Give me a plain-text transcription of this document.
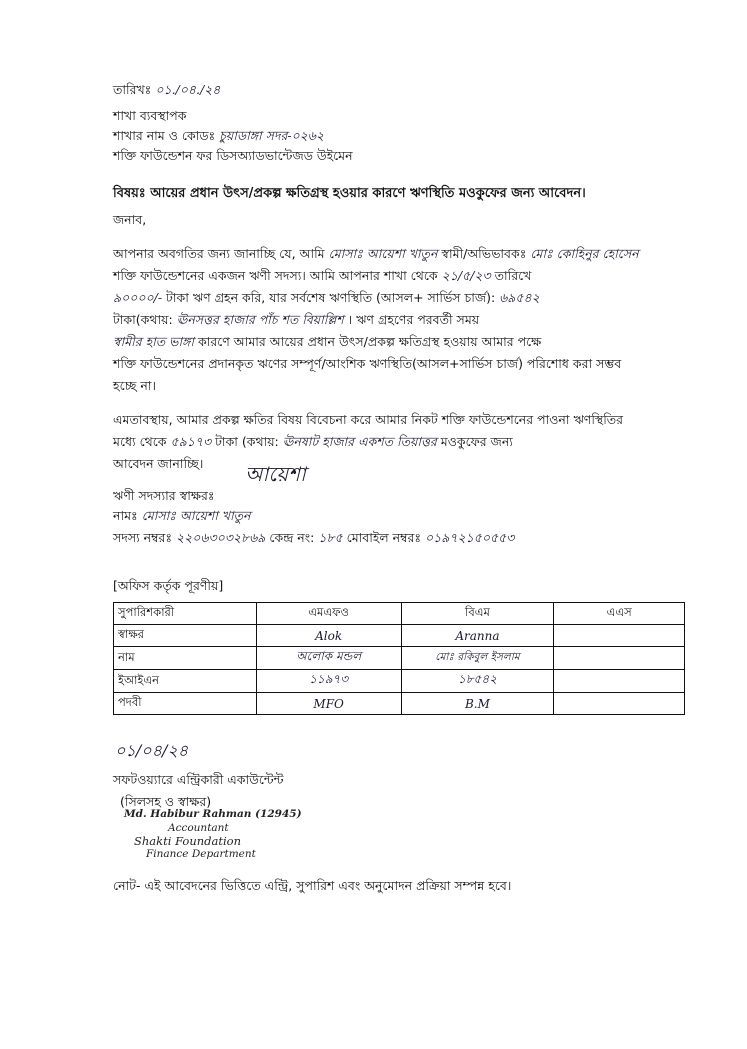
তারিখঃ ০১./০৪./২৪
শাখা ব্যবস্থাপক
শাখার নাম ও কোডঃ চুয়াডাঙ্গা সদর-০২৬২
শক্তি ফাউন্ডেশন ফর ডিসঅ্যাডভান্টেজড উইমেন
বিষয়ঃ আয়ের প্রধান উৎস/প্রকল্প ক্ষতিগ্রস্থ হওয়ার কারণে ঋণস্থিতি মওকুফের জন্য আবেদন।
জনাব,
আপনার অবগতির জন্য জানাচ্ছি যে, আমি মোসাঃ আয়েশা খাতুন স্বামী/অভিভাবকঃ মোঃ কোহিনুর হোসেন
শক্তি ফাউন্ডেশনের একজন ঋণী সদস্য। আমি আপনার শাখা থেকে ২১/৫/২৩ তারিখে
৯০০০০/- টাকা ঋণ গ্রহন করি, যার সর্বশেষ ঋণস্থিতি (আসল+ সার্ভিস চার্জ): ৬৯৫৪২
টাকা(কথায়: ঊনসত্তর হাজার পাঁচ শত বিয়াল্লিশ । ঋণ গ্রহণের পরবর্তী সময়
স্বামীর হাত ভাঙ্গা কারণে আমার আয়ের প্রধান উৎস/প্রকল্প ক্ষতিগ্রস্থ হওয়ায় আমার পক্ষে
শক্তি ফাউন্ডেশনের প্রদানকৃত ঋণের সম্পূর্ণ/আংশিক ঋণস্থিতি(আসল+সার্ভিস চার্জ) পরিশোধ করা সম্ভব
হচ্ছে না।
এমতাবস্থায়, আমার প্রকল্প ক্ষতির বিষয় বিবেচনা করে আমার নিকট শক্তি ফাউন্ডেশনের পাওনা ঋণস্থিতির
মধ্যে থেকে ৫৯১৭৩ টাকা (কথায়: ঊনষাট হাজার একশত তিয়াত্তর মওকুফের জন্য
আবেদন জানাচ্ছি। আয়েশা
ঋণী সদস্যার স্বাক্ষরঃ
নামঃ মোসাঃ আয়েশা খাতুন
সদস্য নম্বরঃ ২২০৬৩০৩২৮৬৯ কেন্দ্র নং: ১৮৫ মোবাইল নম্বরঃ ০১৯৭২১৫০৫৫৩
[অফিস কর্তৃক পূরণীয়]
সুপারিশকারী	এমএফও	বিএম	এএস
স্বাক্ষর	Alok	Aranna	
নাম	অলোক মন্ডল	মোঃ রকিবুল ইসলাম	
ইআইএন	১১৯৭৩	১৮৫৪২	
পদবী	MFO	B.M	
০১/০৪/২৪
সফটওয়্যারে এন্ট্রিকারী একাউন্টেন্ট
(সিলসহ ও স্বাক্ষর)
Md. Habibur Rahman (12945)
Accountant
Shakti Foundation
Finance Department
নোট- এই আবেদনের ভিত্তিতে এন্ট্রি, সুপারিশ এবং অনুমোদন প্রক্রিয়া সম্পন্ন হবে।
